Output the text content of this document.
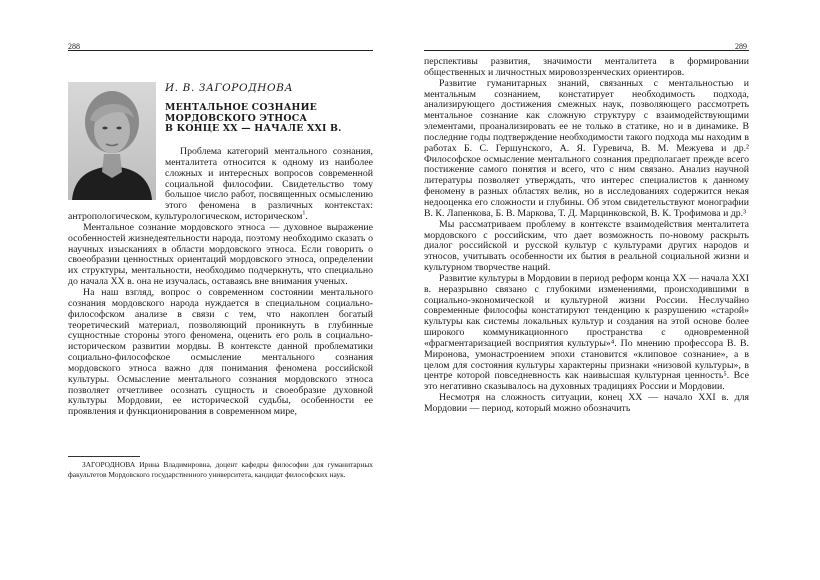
288
И. В. ЗАГОРОДНОВА
МЕНТАЛЬНОЕ СОЗНАНИЕ
МОРДОВСКОГО ЭТНОСА
В КОНЦЕ XX — НАЧАЛЕ XXI В.

Проблема категорий ментального сознания, менталитета относится к одному из наиболее сложных и интересных вопросов современной социальной философии. Свидетельство тому большое число работ, посвященных осмыслению этого феномена в различных контекстах: антропологическом, культурологическом, историческом$^1$.

Ментальное сознание мордовского этноса — духовное выражение особенностей жизнедеятельности народа, поэтому необходимо сказать о научных изысканиях в области мордовского этноса. Если говорить о своеобразии ценностных ориентаций мордовского этноса, определении их структуры, ментальности, необходимо подчеркнуть, что специально до начала XX в. она не изучалась, оставаясь вне внимания ученых.

На наш взгляд, вопрос о современном состоянии ментального сознания мордовского народа нуждается в специальном социально-философском анализе в связи с тем, что накоплен богатый теоретический материал, позволяющий проникнуть в глубинные сущностные стороны этого феномена, оценить его роль в социально-историческом развитии мордвы. В контексте данной проблематики социально-философское осмысление ментального сознания мордовского этноса важно для понимания феномена российской культуры. Осмысление ментального сознания мордовского этноса позволяет отчетливее осознать сущность и своеобразие духовной культуры Мордовии, ее исторической судьбы, особенности ее проявления и функционирования в современном мире,

ЗАГОРОДНОВА Ирина Владимировна, доцент кафедры философии для гуманитарных факультетов Мордовского государственного университета, кандидат философских наук.
289

перспективы развития, значимости менталитета в формировании общественных и личностных мировоззренческих ориентиров.

Развитие гуманитарных знаний, связанных с ментальностью и ментальным сознанием, констатирует необходимость подхода, анализирующего достижения смежных наук, позволяющего рассмотреть ментальное сознание как сложную структуру с взаимодействующими элементами, проанализировать ее не только в статике, но и в динамике. В последние годы подтверждение необходимости такого подхода мы находим в работах Б. С. Гершунского, А. Я. Гуревича, В. М. Межуева и др.² Философское осмысление ментального сознания предполагает прежде всего постижение самого понятия и всего, что с ним связано. Анализ научной литературы позволяет утверждать, что интерес специалистов к данному феномену в разных областях велик, но в исследованиях содержится некая недооценка его сложности и глубины. Об этом свидетельствуют монографии В. К. Лапенкова, Б. В. Маркова, Т. Д. Марцинковской, В. К. Трофимова и др.³

Мы рассматриваем проблему в контексте взаимодействия менталитета мордовского с российским, что дает возможность по-новому раскрыть диалог российской и русской культур с культурами других народов и этносов, учитывать особенности их бытия в реальной социальной жизни и культурном творчестве наций.

Развитие культуры в Мордовии в период реформ конца XX — начала XXI в. неразрывно связано с глубокими изменениями, происходившими в социально-экономической и культурной жизни России. Неслучайно современные философы констатируют тенденцию к разрушению «старой» культуры как системы локальных культур и создания на этой основе более широкого коммуникационного пространства с одновременной «фрагментаризацией восприятия культуры»⁴. По мнению профессора В. В. Миронова, умонастроением эпохи становится «клиповое сознание», а в целом для состояния культуры характерны признаки «низовой культуры», в центре которой повседневность как наивысшая культурная ценность⁵. Все это негативно сказывалось на духовных традициях России и Мордовии.

Несмотря на сложность ситуации, конец XX — начало XXI в. для Мордовии — период, который можно обозначить
